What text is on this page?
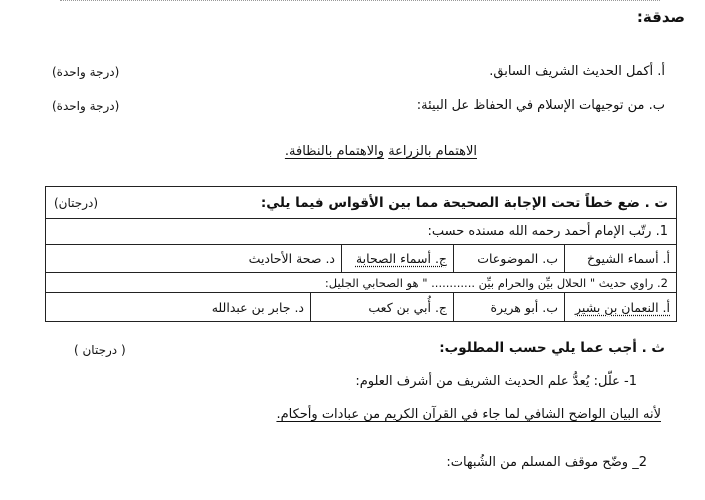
صدقة:
أ. أكمل الحديث الشريف السابق.
(درجة واحدة)
ب. من توجيهات الإسلام في الحفاظ عل البيئة:
(درجة واحدة)
الاهتمام بالزراعة والاهتمام بالنظافة.
ت . ضع خطاً تحت الإجابة الصحيحة مما بين الأقواس فيما يلي:
(درجتان)
1. رتّب الإمام أحمد رحمه الله مسنده حسب:
أ. أسماء الشيوخ
ب. الموضوعات
ج. أسماء الصحابة
د. صحة الأحاديث
2. راوي حديث " الحلال بيِّن والحرام بيِّن ............ " هو الصحابي الجليل:
أ. النعمان بن بشير
ب. أبو هريرة
ج. أُبي بن كعب
د. جابر بن عبدالله
ث . أجب عما يلي حسب المطلوب:
( درجتان )
1- علّل: يُعدُّ علم الحديث الشريف من أشرف العلوم:
لأنه البيان الواضح الشافي لما جاء في القرآن الكريم من عبادات وأحكام.
2_ وضّح موقف المسلم من الشُبهات:
